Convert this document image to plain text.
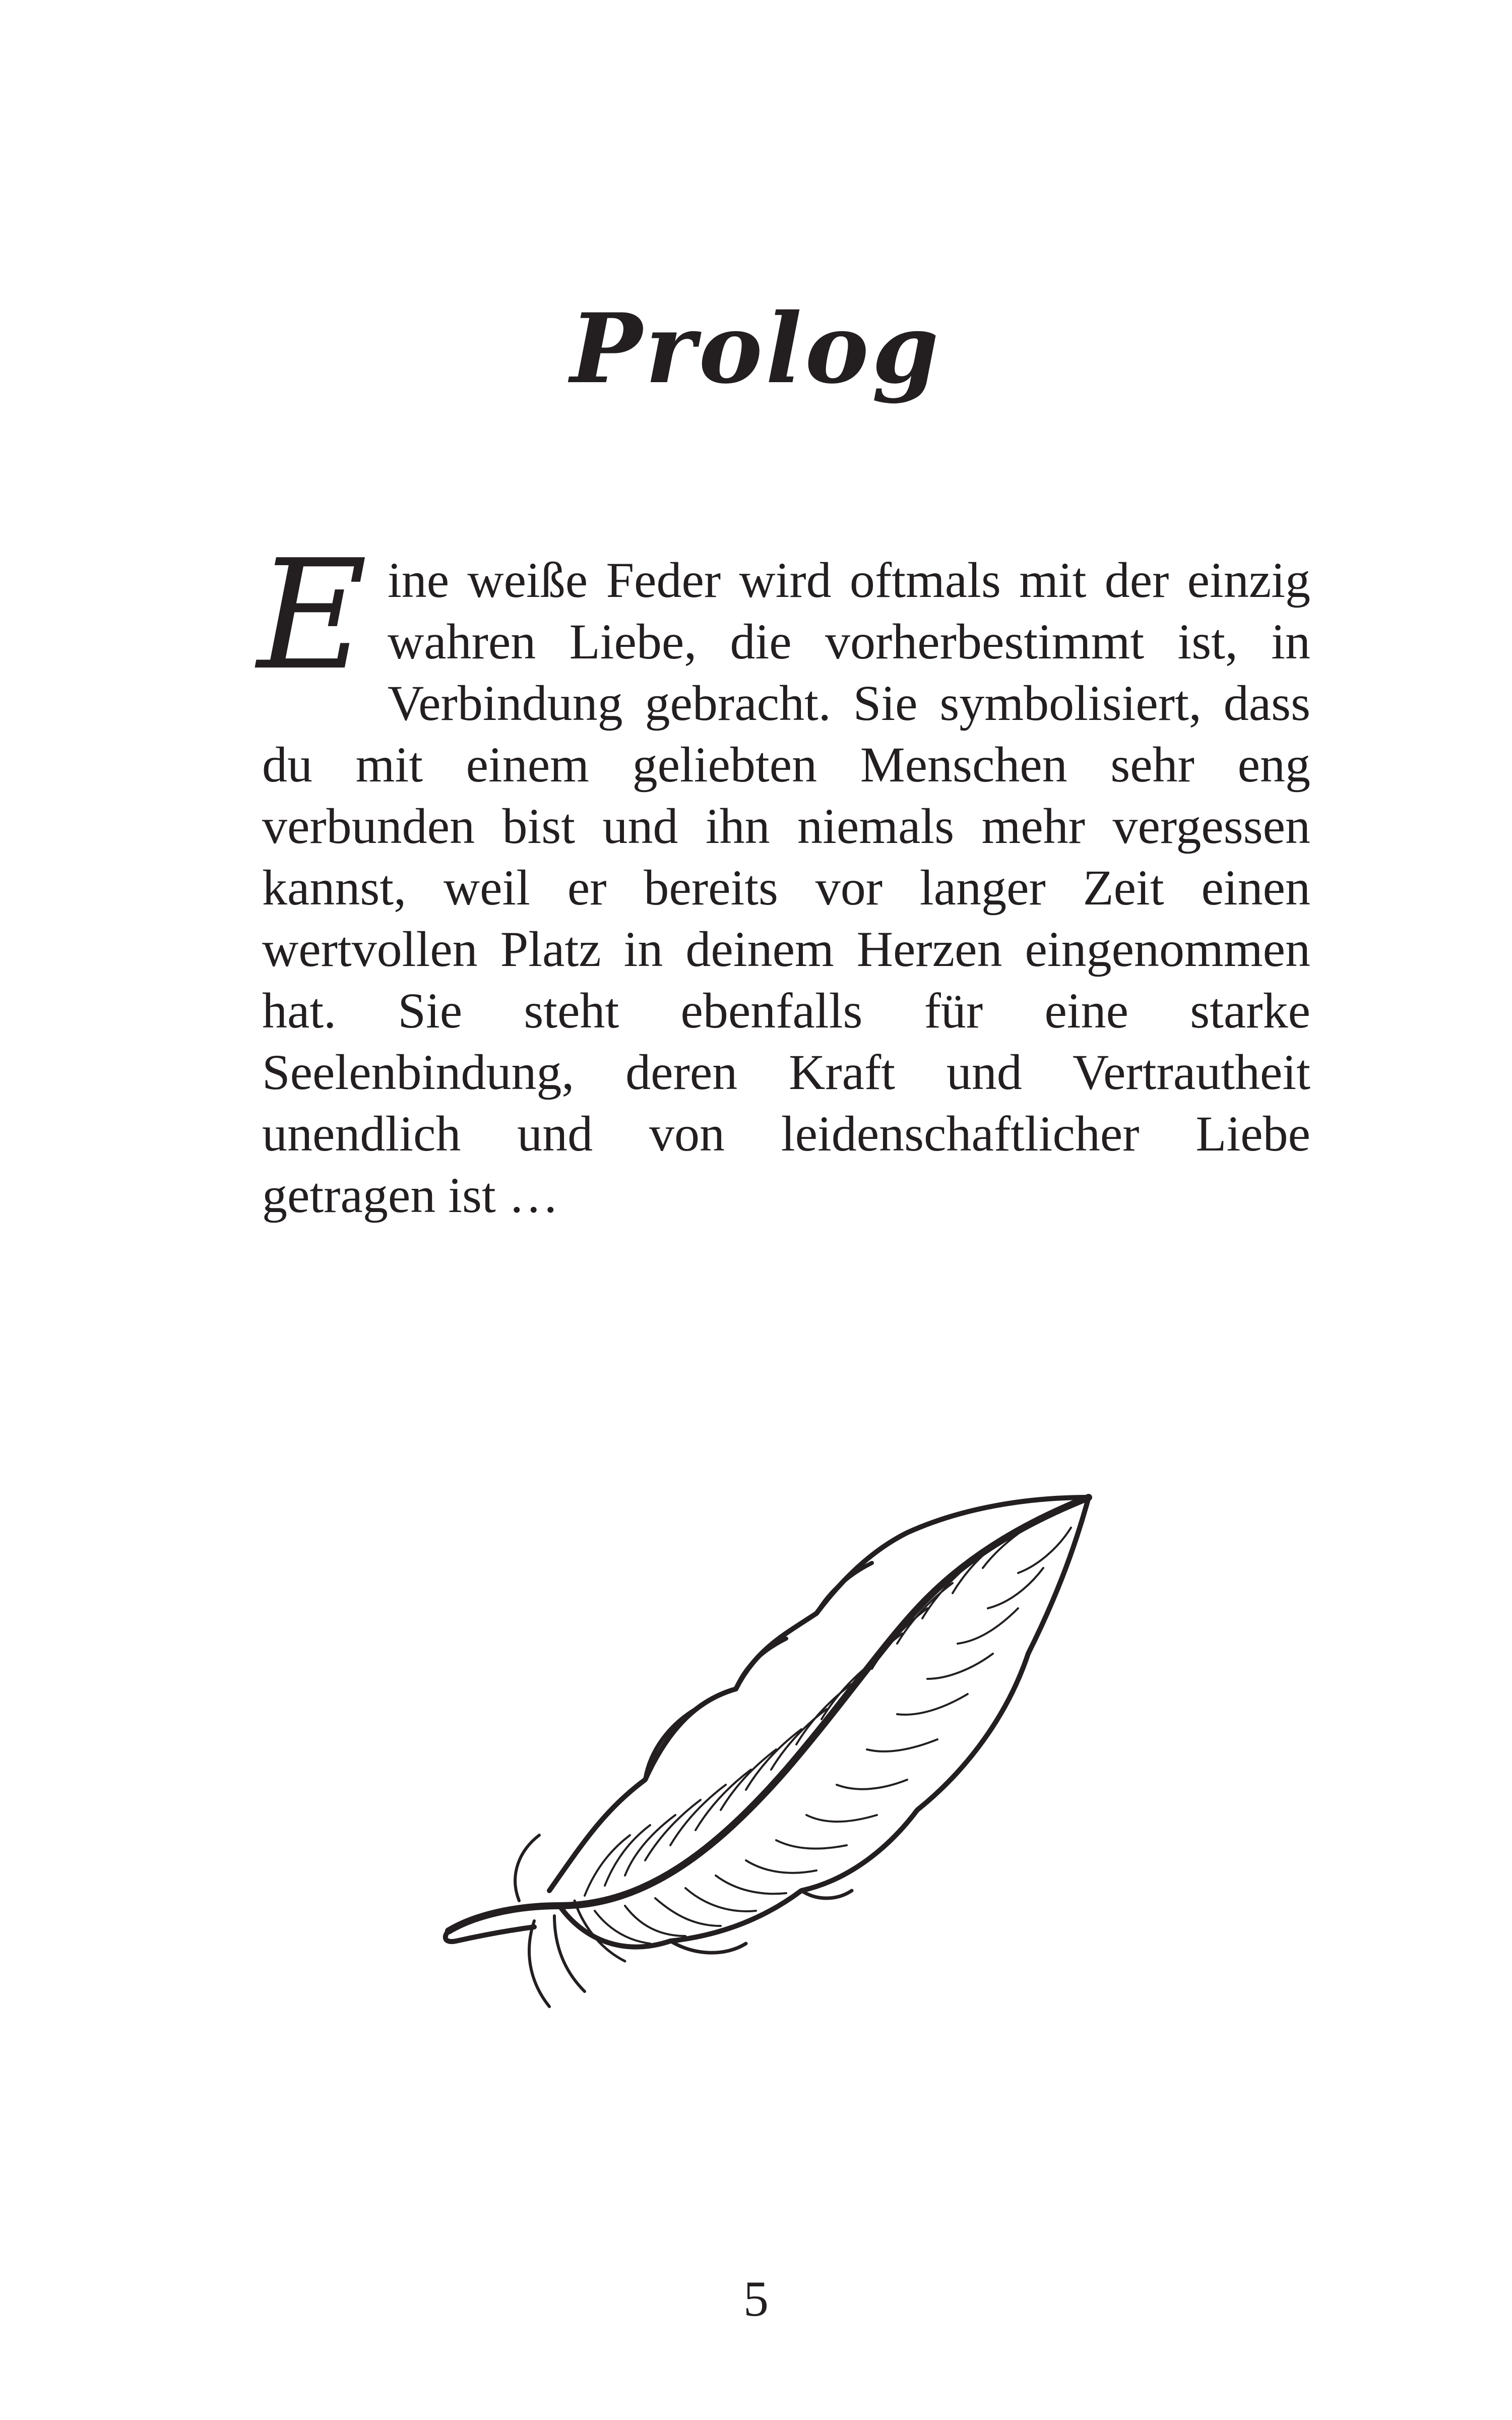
Prolog

Eine weiße Feder wird oftmals mit der einzig wahren Liebe, die vorherbestimmt ist, in Verbindung gebracht. Sie symbolisiert, dass du mit einem geliebten Menschen sehr eng verbunden bist und ihn niemals mehr vergessen kannst, weil er bereits vor langer Zeit einen wertvollen Platz in deinem Herzen eingenommen hat. Sie steht ebenfalls für eine starke Seelenbindung, deren Kraft und Vertrautheit unendlich und von leidenschaftlicher Liebe getragen ist …

5
